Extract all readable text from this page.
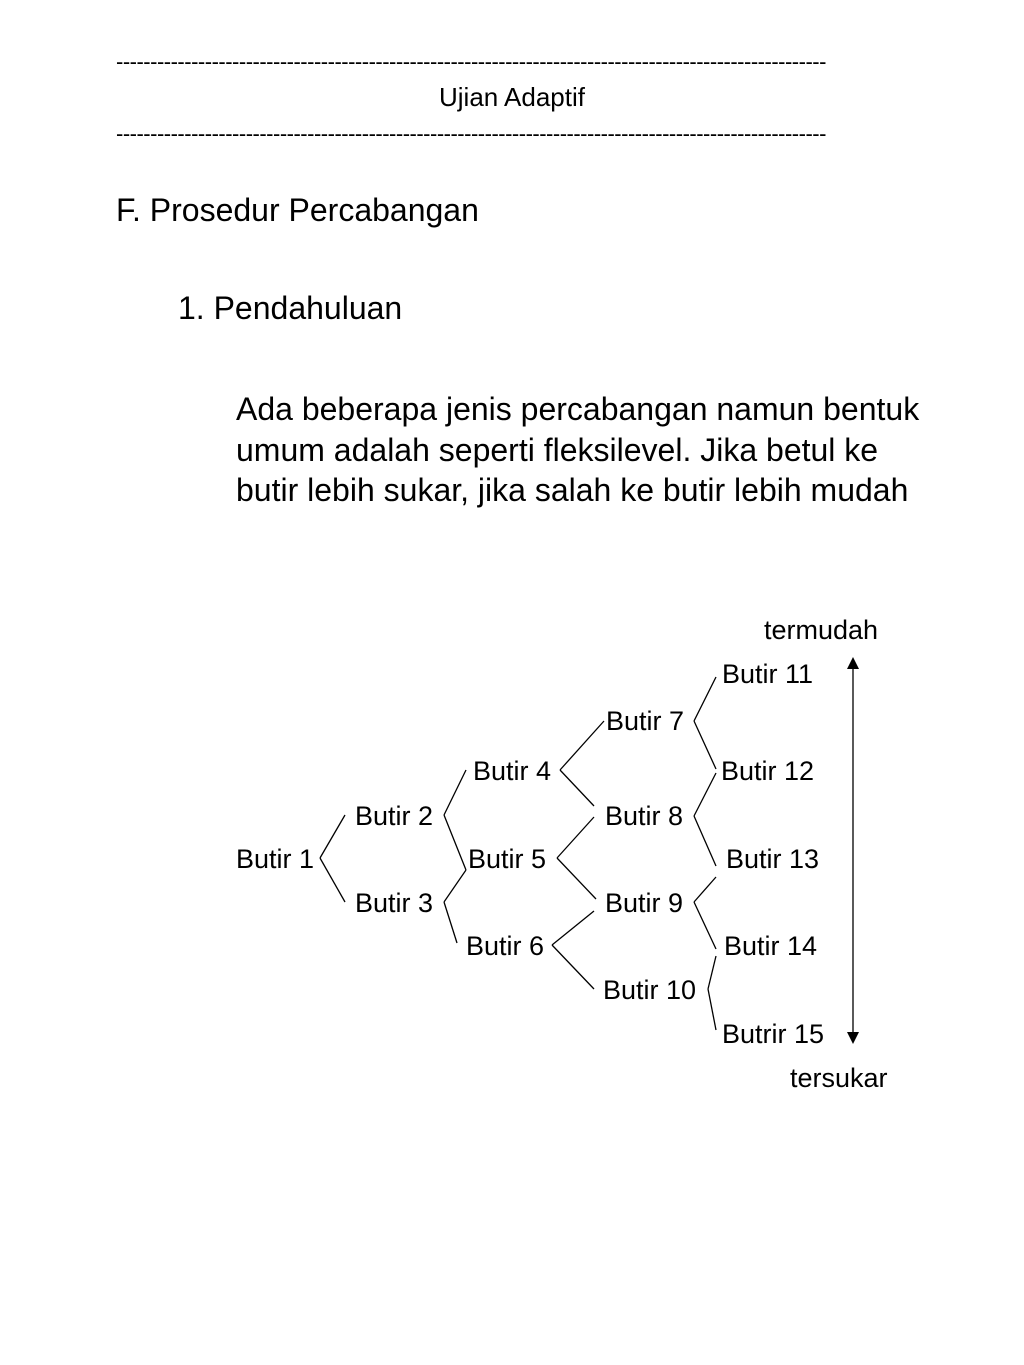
--------------------------------------------------------------------------------------------------------
Ujian Adaptif
--------------------------------------------------------------------------------------------------------
F. Prosedur Percabangan
1. Pendahuluan
Ada beberapa jenis percabangan namun bentuk umum adalah seperti fleksilevel. Jika betul ke butir lebih sukar, jika salah ke butir lebih mudah
termudah
tersukar
Butir 1
Butir 2
Butir 3
Butir 4
Butir 5
Butir 6
Butir 7
Butir 8
Butir 9
Butir 10
Butir 11
Butir 12
Butir 13
Butir 14
Butrir 15
